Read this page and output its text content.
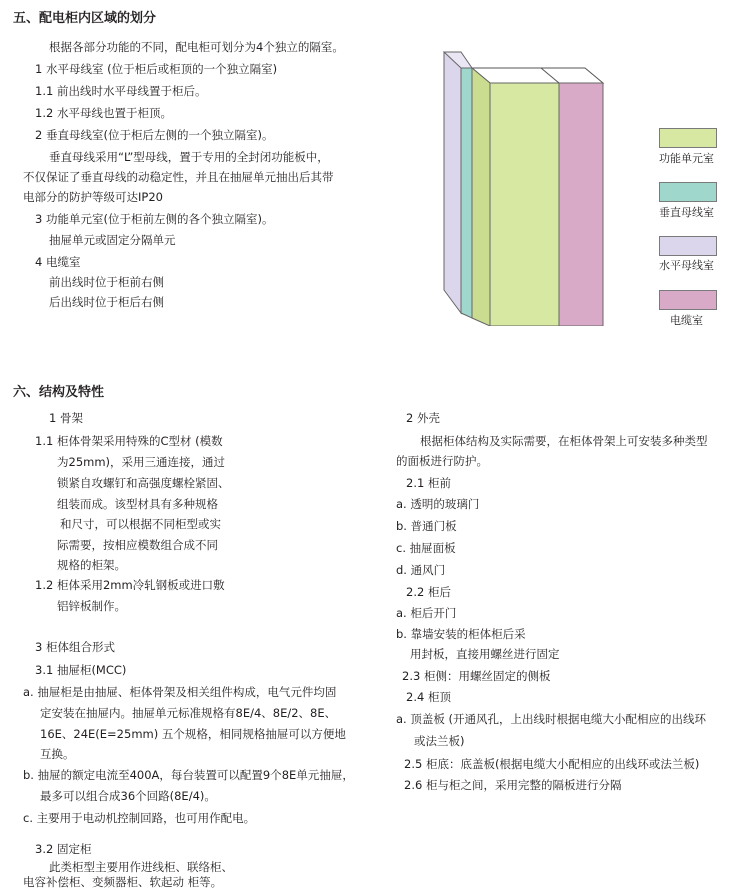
五、配电柜内区域的划分
根据各部分功能的不同，配电柜可划分为4个独立的隔室。
1 水平母线室 (位于柜后或柜顶的一个独立隔室)
1.1 前出线时水平母线置于柜后。
1.2 水平母线也置于柜顶。
2 垂直母线室(位于柜后左侧的一个独立隔室)。
垂直母线采用“L”型母线，置于专用的全封闭功能板中，
不仅保证了垂直母线的动稳定性，并且在抽屉单元抽出后其带
电部分的防护等级可达IP20
3 功能单元室(位于柜前左侧的各个独立隔室)。
抽屉单元或固定分隔单元
4 电缆室
前出线时位于柜前右侧
后出线时位于柜后右侧
功能单元室
垂直母线室
水平母线室
电缆室
六、结构及特性
1 骨架
1.1 柜体骨架采用特殊的C型材 (模数
为25mm)，采用三通连接，通过
锁紧自攻螺钉和高强度螺栓紧固、
组装而成。该型材具有多种规格
和尺寸，可以根据不同柜型或实
际需要，按相应模数组合成不同
规格的柜架。
1.2 柜体采用2mm冷轧钢板或进口敷
铝锌板制作。
3 柜体组合形式
3.1 抽屉柜(MCC)
a. 抽屉柜是由抽屉、柜体骨架及相关组件构成，电气元件均固
定安装在抽屉内。抽屉单元标准规格有8E/4、8E/2、8E、
16E、24E(E=25mm) 五个规格，相同规格抽屉可以方便地
互换。
b. 抽屉的额定电流至400A，每台装置可以配置9个8E单元抽屉，
最多可以组合成36个回路(8E/4)。
c. 主要用于电动机控制回路，也可用作配电。
3.2 固定柜
此类柜型主要用作进线柜、联络柜、
电容补偿柜、变频器柜、软起动 柜等。
2 外壳
根据柜体结构及实际需要，在柜体骨架上可安装多种类型
的面板进行防护。
2.1 柜前
a. 透明的玻璃门
b. 普通门板
c. 抽屉面板
d. 通风门
2.2 柜后
a. 柜后开门
b. 靠墙安装的柜体柜后采
用封板，直接用螺丝进行固定
2.3 柜侧：用螺丝固定的侧板
2.4 柜顶
a. 顶盖板 (开通风孔，上出线时根据电缆大小配相应的出线环
或法兰板)
2.5 柜底：底盖板(根据电缆大小配相应的出线环或法兰板)
2.6 柜与柜之间，采用完整的隔板进行分隔
